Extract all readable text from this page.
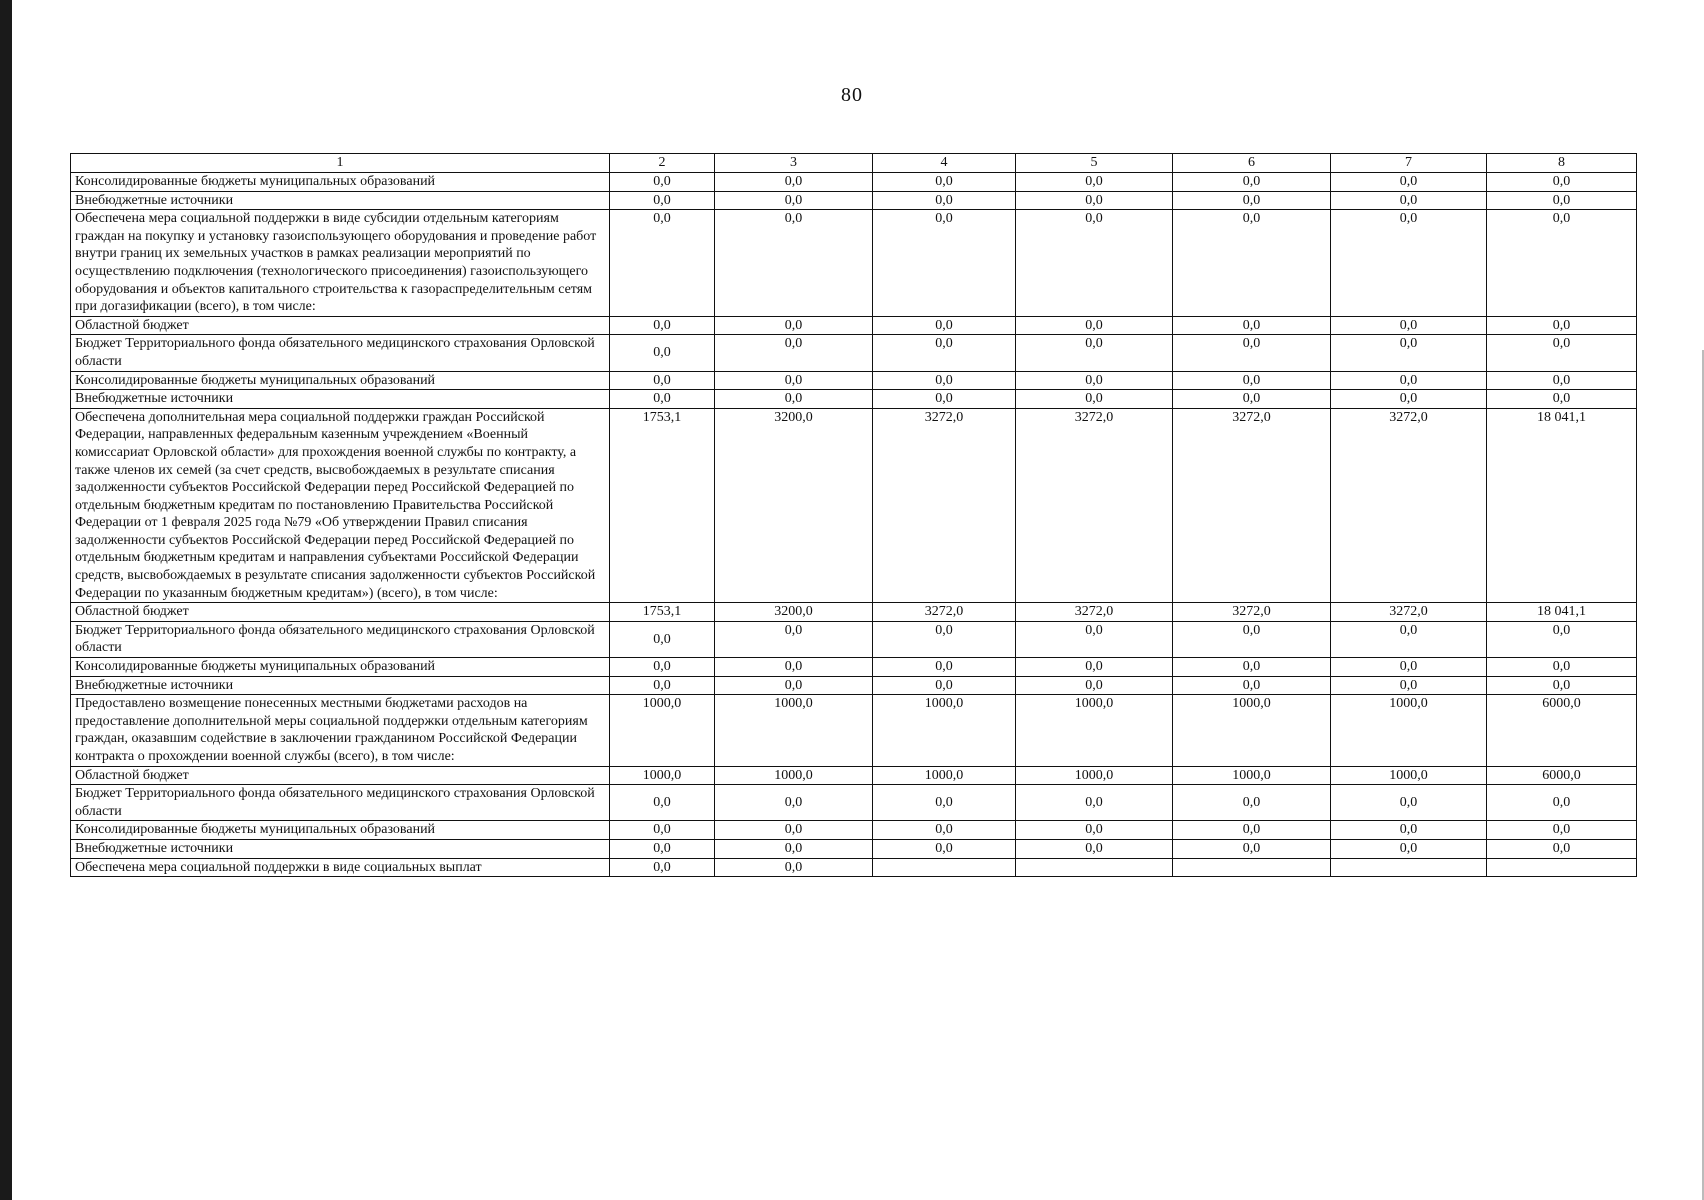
80
1	2	3	4	5	6	7	8
Консолидированные бюджеты муниципальных образований	0,0	0,0	0,0	0,0	0,0	0,0	0,0
Внебюджетные источники	0,0	0,0	0,0	0,0	0,0	0,0	0,0
Обеспечена мера социальной поддержки в виде субсидии отдельным категориям граждан на покупку и установку газоиспользующего оборудования и проведение работ внутри границ их земельных участков в рамках реализации мероприятий по осуществлению подключения (технологического присоединения) газоиспользующего оборудования и объектов капитального строительства к газораспределительным сетям при догазификации (всего), в том числе:	0,0	0,0	0,0	0,0	0,0	0,0	0,0
Областной бюджет	0,0	0,0	0,0	0,0	0,0	0,0	0,0
Бюджет Территориального фонда обязательного медицинского страхования Орловской области	0,0	0,0	0,0	0,0	0,0	0,0	0,0
Консолидированные бюджеты муниципальных образований	0,0	0,0	0,0	0,0	0,0	0,0	0,0
Внебюджетные источники	0,0	0,0	0,0	0,0	0,0	0,0	0,0
Обеспечена дополнительная мера социальной поддержки граждан Российской Федерации, направленных федеральным казенным учреждением «Военный комиссариат Орловской области» для прохождения военной службы по контракту, а также членов их семей (за счет средств, высвобождаемых в результате списания задолженности субъектов Российской Федерации перед Российской Федерацией по отдельным бюджетным кредитам по постановлению Правительства Российской Федерации от 1 февраля 2025 года №79 «Об утверждении Правил списания задолженности субъектов Российской Федерации перед Российской Федерацией по отдельным бюджетным кредитам и направления субъектами Российской Федерации средств, высвобождаемых в результате списания задолженности субъектов Российской Федерации по указанным бюджетным кредитам») (всего), в том числе:	1753,1	3200,0	3272,0	3272,0	3272,0	3272,0	18 041,1
Областной бюджет	1753,1	3200,0	3272,0	3272,0	3272,0	3272,0	18 041,1
Бюджет Территориального фонда обязательного медицинского страхования Орловской области	0,0	0,0	0,0	0,0	0,0	0,0	0,0
Консолидированные бюджеты муниципальных образований	0,0	0,0	0,0	0,0	0,0	0,0	0,0
Внебюджетные источники	0,0	0,0	0,0	0,0	0,0	0,0	0,0
Предоставлено возмещение понесенных местными бюджетами расходов на предоставление дополнительной меры социальной поддержки отдельным категориям граждан, оказавшим содействие в заключении гражданином Российской Федерации контракта о прохождении военной службы (всего), в том числе:	1000,0	1000,0	1000,0	1000,0	1000,0	1000,0	6000,0
Областной бюджет	1000,0	1000,0	1000,0	1000,0	1000,0	1000,0	6000,0
Бюджет Территориального фонда обязательного медицинского страхования Орловской области	0,0	0,0	0,0	0,0	0,0	0,0	0,0
Консолидированные бюджеты муниципальных образований	0,0	0,0	0,0	0,0	0,0	0,0	0,0
Внебюджетные источники	0,0	0,0	0,0	0,0	0,0	0,0	0,0
Обеспечена мера социальной поддержки в виде социальных выплат	0,0	0,0					
